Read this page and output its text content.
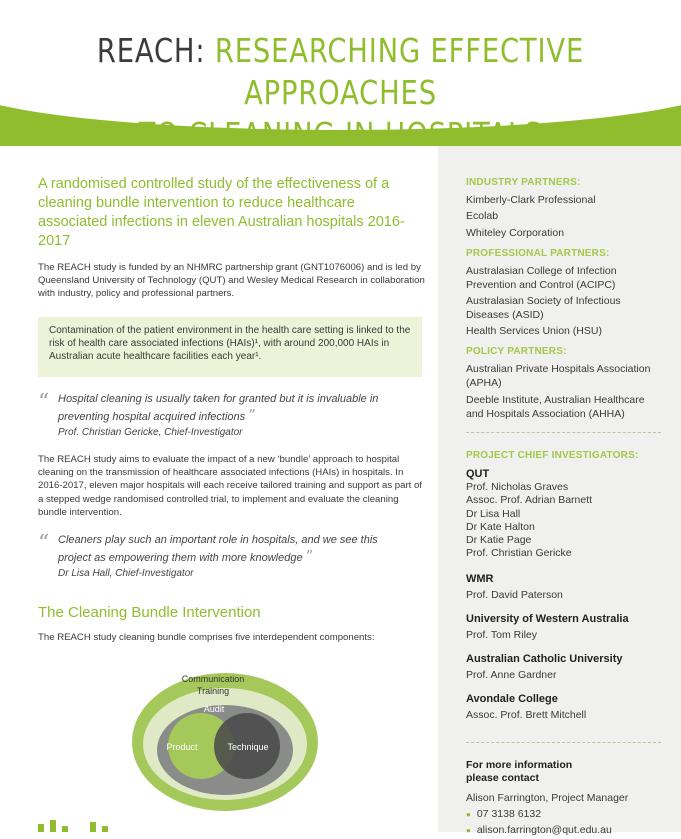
REACH: RESEARCHING EFFECTIVE APPROACHES
TO CLEANING IN HOSPITALS
INDUSTRY PARTNERS:
Kimberly-Clark Professional
Ecolab
Whiteley Corporation
PROFESSIONAL PARTNERS:
Australasian College of Infection Prevention and Control (ACIPC)
Australasian Society of Infectious Diseases (ASID)
Health Services Union (HSU)
POLICY PARTNERS:
Australian Private Hospitals Association (APHA)
Deeble Institute, Australian Healthcare and Hospitals Association (AHHA)
PROJECT CHIEF INVESTIGATORS:
QUT
Prof. Nicholas Graves
Assoc. Prof. Adrian Barnett
Dr Lisa Hall
Dr Kate Halton
Dr Katie Page
Prof. Christian Gericke
WMR
Prof. David Paterson
University of Western Australia
Prof. Tom Riley
Australian Catholic University
Prof. Anne Gardner
Avondale College
Assoc. Prof. Brett Mitchell
For more information please contact
Alison Farrington, Project Manager
● 07 3138 6132
● alison.farrington@qut.edu.au
A randomised controlled study of the effectiveness of a cleaning bundle intervention to reduce healthcare associated infections in eleven Australian hospitals 2016-2017
The REACH study is funded by an NHMRC partnership grant (GNT1076006) and is led by Queensland University of Technology (QUT) and Wesley Medical Research in collaboration with industry, policy and professional partners.
Contamination of the patient environment in the health care setting is linked to the risk of health care associated infections (HAIs)¹, with around 200,000 HAIs in Australian acute healthcare facilities each year¹.
“ Hospital cleaning is usually taken for granted but it is invaluable in preventing hospital acquired infections ”
Prof. Christian Gericke, Chief-Investigator
The REACH study aims to evaluate the impact of a new ‘bundle’ approach to hospital cleaning on the transmission of healthcare associated infections (HAIs) in hospitals. In 2016-2017, eleven major hospitals will each receive tailored training and support as part of a stepped wedge randomised controlled trial, to implement and evaluate the cleaning bundle intervention.
“ Cleaners play such an important role in hospitals, and we see this project as empowering them with more knowledge ”
Dr Lisa Hall, Chief-Investigator
The Cleaning Bundle Intervention
The REACH study cleaning bundle comprises five interdependent components:
Communication
Training
Audit
Product	Technique
